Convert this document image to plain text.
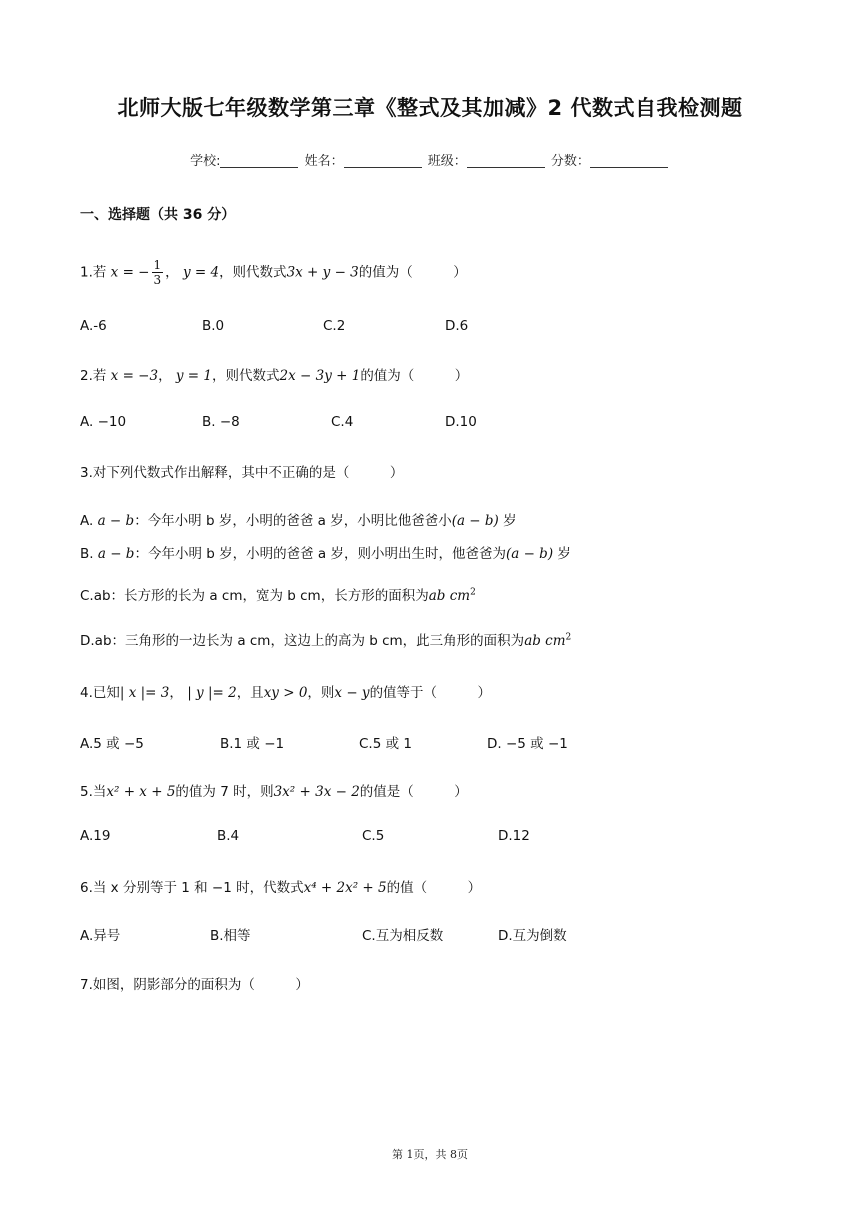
北师大版七年级数学第三章《整式及其加减》2 代数式自我检测题
学校:	姓名：	班级：	分数：
一、选择题（共 36 分）
1.若 x = − $\frac{1}{3}$ ， y = 4，则代数式3x + y − 3的值为（　　　）
A.-6	B.0	C.2	D.6
2.若 x = −3， y = 1，则代数式2x − 3y + 1的值为（　　　）
A. −10	B. −8	C.4	D.10
3.对下列代数式作出解释，其中不正确的是（　　　）
A. a − b：今年小明 b 岁，小明的爸爸 a 岁，小明比他爸爸小(a − b) 岁
B. a − b：今年小明 b 岁，小明的爸爸 a 岁，则小明出生时，他爸爸为(a − b) 岁
C.ab：长方形的长为 a cm，宽为 b cm，长方形的面积为ab $cm^2$
D.ab：三角形的一边长为 a cm，这边上的高为 b cm，此三角形的面积为ab $cm^2$
4.已知| x |= 3， | y |= 2，且xy > 0，则x − y的值等于（　　　）
A.5 或 −5	B.1 或 −1	C.5 或 1	D. −5 或 −1
5.当x² + x + 5的值为 7 时，则3x² + 3x − 2的值是（　　　）
A.19	B.4	C.5	D.12
6.当 x 分别等于 1 和 −1 时，代数式x⁴ + 2x² + 5的值（　　　）
A.异号	B.相等	C.互为相反数	D.互为倒数
7.如图，阴影部分的面积为（　　　）
第 1页，共 8页
